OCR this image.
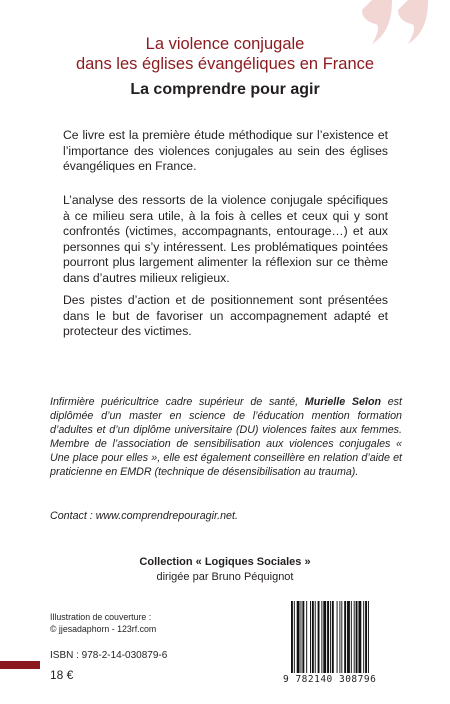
La violence conjugale
dans les églises évangéliques en France
La comprendre pour agir

Ce livre est la première étude méthodique sur l’existence et l’importance des violences conjugales au sein des églises évangéliques en France.

L’analyse des ressorts de la violence conjugale spécifiques à ce milieu sera utile, à la fois à celles et ceux qui y sont confrontés (victimes, accompagnants, entourage…) et aux personnes qui s’y intéressent. Les problématiques pointées pourront plus largement alimenter la réflexion sur ce thème dans d’autres milieux religieux.

Des pistes d’action et de positionnement sont présentées dans le but de favoriser un accompagnement adapté et protecteur des victimes.

Infirmière puéricultrice cadre supérieur de santé, Murielle Selon est diplômée d’un master en science de l’éducation mention formation d’adultes et d’un diplôme universitaire (DU) violences faites aux femmes. Membre de l’association de sensibilisation aux violences conjugales « Une place pour elles », elle est également conseillère en relation d’aide et praticienne en EMDR (technique de désensibilisation au trauma).

Contact : www.comprendrepouragir.net.

Collection « Logiques Sociales »
dirigée par Bruno Péquignot
Illustration de couverture :
© jjesadaphorn - 123rf.com
ISBN : 978-2-14-030879-6
18 €	9 782140 308796
